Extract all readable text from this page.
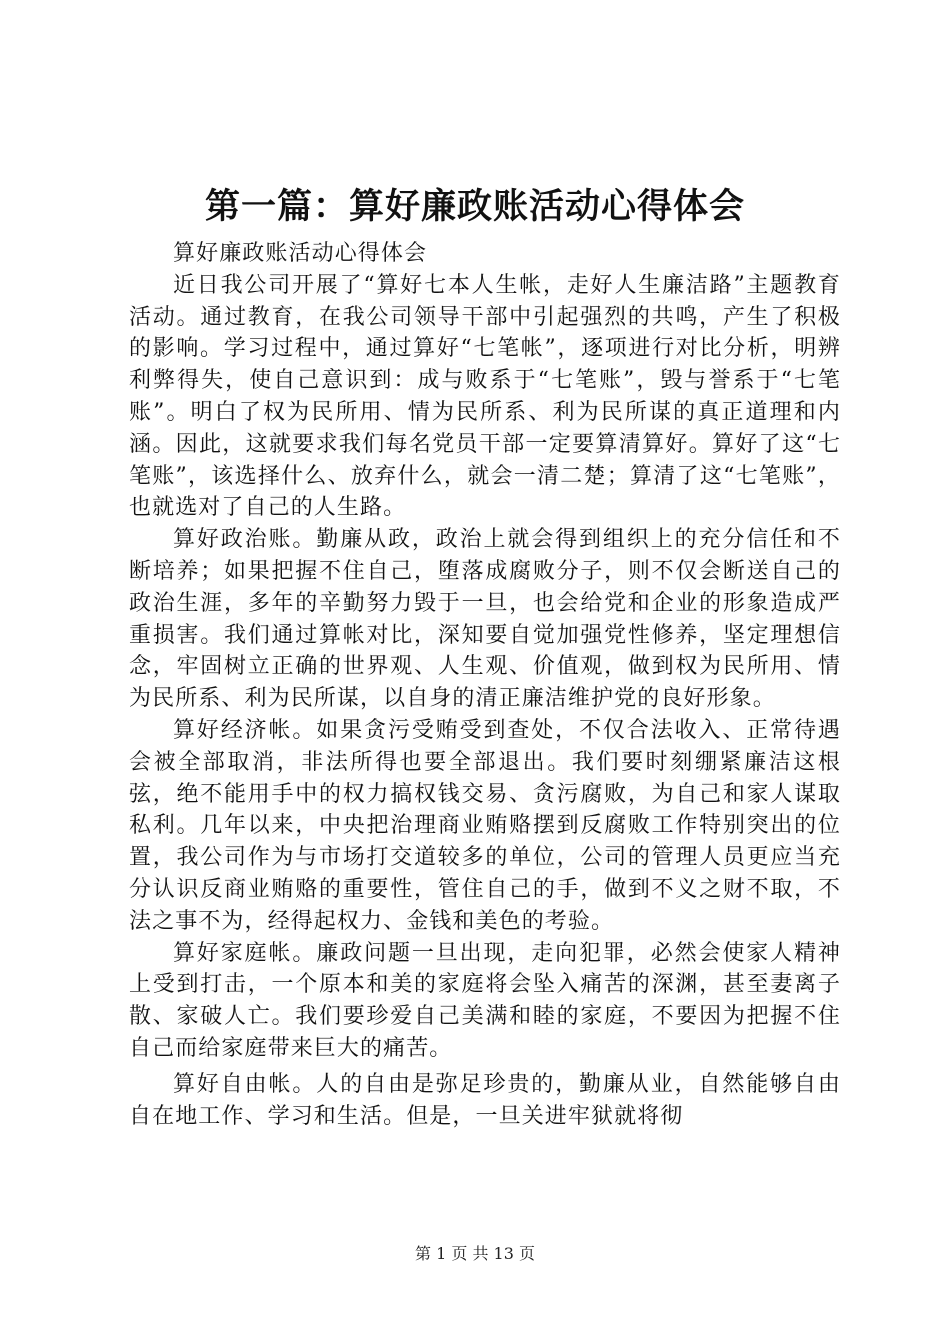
第一篇：算好廉政账活动心得体会

算好廉政账活动心得体会

近日我公司开展了“算好七本人生帐，走好人生廉洁路”主题教育活动。通过教育，在我公司领导干部中引起强烈的共鸣，产生了积极的影响。学习过程中，通过算好“七笔帐”，逐项进行对比分析，明辨利弊得失，使自己意识到：成与败系于“七笔账”，毁与誉系于“七笔账”。明白了权为民所用、情为民所系、利为民所谋的真正道理和内涵。因此，这就要求我们每名党员干部一定要算清算好。算好了这“七笔账”，该选择什么、放弃什么，就会一清二楚；算清了这“七笔账”，也就选对了自己的人生路。

算好政治账。勤廉从政，政治上就会得到组织上的充分信任和不断培养；如果把握不住自己，堕落成腐败分子，则不仅会断送自己的政治生涯，多年的辛勤努力毁于一旦，也会给党和企业的形象造成严重损害。我们通过算帐对比，深知要自觉加强党性修养，坚定理想信念，牢固树立正确的世界观、人生观、价值观，做到权为民所用、情为民所系、利为民所谋，以自身的清正廉洁维护党的良好形象。

算好经济帐。如果贪污受贿受到查处，不仅合法收入、正常待遇会被全部取消，非法所得也要全部退出。我们要时刻绷紧廉洁这根弦，绝不能用手中的权力搞权钱交易、贪污腐败，为自己和家人谋取私利。几年以来，中央把治理商业贿赂摆到反腐败工作特别突出的位置，我公司作为与市场打交道较多的单位，公司的管理人员更应当充分认识反商业贿赂的重要性，管住自己的手，做到不义之财不取，不法之事不为，经得起权力、金钱和美色的考验。

算好家庭帐。廉政问题一旦出现，走向犯罪，必然会使家人精神上受到打击，一个原本和美的家庭将会坠入痛苦的深渊，甚至妻离子散、家破人亡。我们要珍爱自己美满和睦的家庭，不要因为把握不住自己而给家庭带来巨大的痛苦。

算好自由帐。人的自由是弥足珍贵的，勤廉从业，自然能够自由自在地工作、学习和生活。但是，一旦关进牢狱就将彻

第 1 页 共 13 页
